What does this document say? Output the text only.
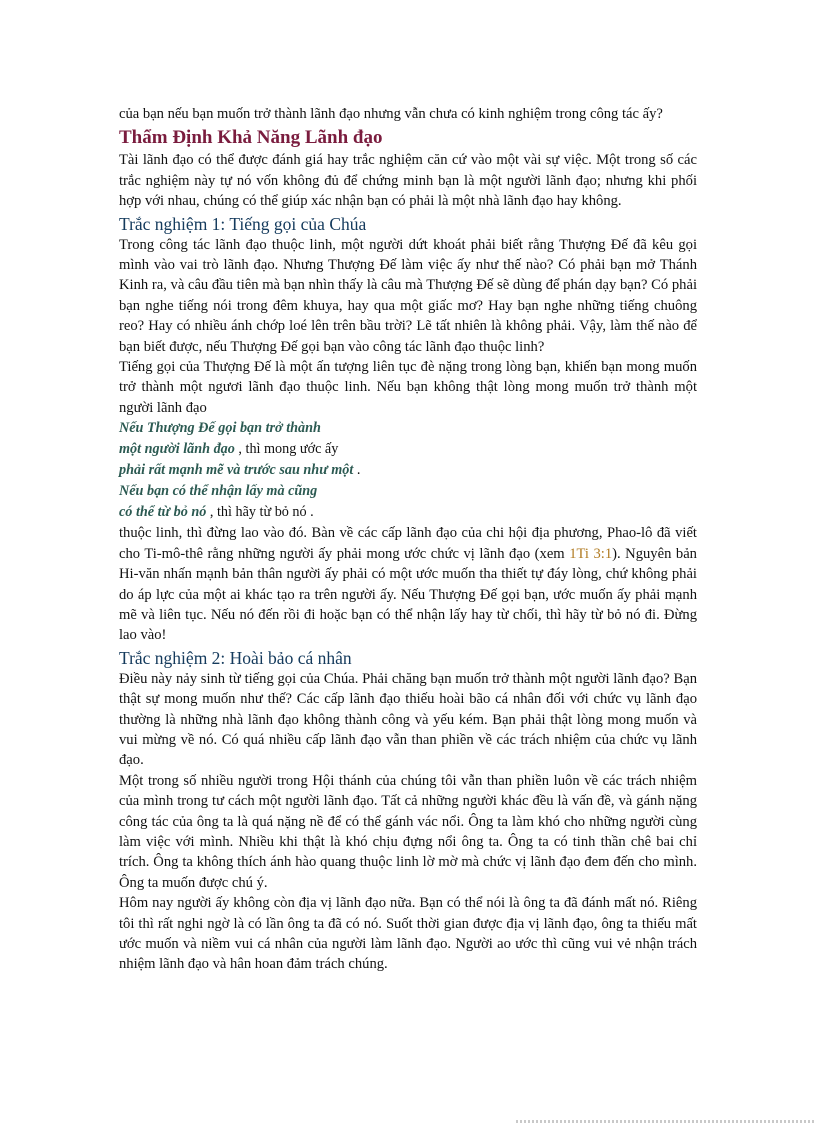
của bạn nếu bạn muốn trở thành lãnh đạo nhưng vẫn chưa có kinh nghiệm trong công tác ấy?

Thẩm Định Khả Năng Lãnh đạo

Tài lãnh đạo có thể được đánh giá hay trắc nghiệm căn cứ vào một vài sự việc. Một trong số các trắc nghiệm này tự nó vốn không đủ để chứng minh bạn là một người lãnh đạo; nhưng khi phối hợp với nhau, chúng có thể giúp xác nhận bạn có phải là một nhà lãnh đạo hay không.

Trắc nghiệm 1: Tiếng gọi của Chúa

Trong công tác lãnh đạo thuộc linh, một người dứt khoát phải biết rằng Thượng Đế đã kêu gọi mình vào vai trò lãnh đạo. Nhưng Thượng Đế làm việc ấy như thế nào? Có phải bạn mở Thánh Kinh ra, và câu đầu tiên mà bạn nhìn thấy là câu mà Thượng Đế sẽ dùng để phán dạy bạn? Có phải bạn nghe tiếng nói trong đêm khuya, hay qua một giấc mơ? Hay bạn nghe những tiếng chuông reo? Hay có nhiều ánh chớp loé lên trên bầu trời? Lẽ tất nhiên là không phải. Vậy, làm thế nào để bạn biết được, nếu Thượng Đế gọi bạn vào công tác lãnh đạo thuộc linh?

Tiếng gọi của Thượng Đế là một ấn tượng liên tục đè nặng trong lòng bạn, khiến bạn mong muốn trở thành một ngươi lãnh đạo thuộc linh. Nếu bạn không thật lòng mong muốn trở thành một người lãnh đạo

Nếu Thượng Đế gọi bạn trở thành
một người lãnh đạo , thì mong ước ấy
phải rất mạnh mẽ và trước sau như một .
Nếu bạn có thể nhận lấy mà cũng
có thể từ bỏ nó , thì hãy từ bỏ nó .

thuộc linh, thì đừng lao vào đó. Bàn về các cấp lãnh đạo của chi hội địa phương, Phao-lô đã viết cho Ti-mô-thê rằng những người ấy phải mong ước chức vị lãnh đạo (xem 1Ti 3:1). Nguyên bản Hi-văn nhấn mạnh bản thân người ấy phải có một ước muốn tha thiết tự đáy lòng, chứ không phải do áp lực của một ai khác tạo ra trên người ấy. Nếu Thượng Đế gọi bạn, ước muốn ấy phải mạnh mẽ và liên tục. Nếu nó đến rồi đi hoặc bạn có thể nhận lấy hay từ chối, thì hãy từ bỏ nó đi. Đừng lao vào!

Trắc nghiệm 2: Hoài bảo cá nhân

Điều này nảy sinh từ tiếng gọi của Chúa. Phải chăng bạn muốn trở thành một người lãnh đạo? Bạn thật sự mong muốn như thế? Các cấp lãnh đạo thiếu hoài bão cá nhân đối với chức vụ lãnh đạo thường là những nhà lãnh đạo không thành công và yếu kém. Bạn phải thật lòng mong muốn và vui mừng về nó. Có quá nhiều cấp lãnh đạo vẫn than phiền về các trách nhiệm của chức vụ lãnh đạo.

Một trong số nhiều người trong Hội thánh của chúng tôi vẫn than phiền luôn về các trách nhiệm của mình trong tư cách một người lãnh đạo. Tất cả những người khác đều là vấn đề, và gánh nặng công tác của ông ta là quá nặng nề để có thể gánh vác nổi. Ông ta làm khó cho những người cùng làm việc với mình. Nhiều khi thật là khó chịu đựng nổi ông ta. Ông ta có tinh thần chê bai chỉ trích. Ông ta không thích ánh hào quang thuộc linh lờ mờ mà chức vị lãnh đạo đem đến cho mình. Ông ta muốn được chú ý.

Hôm nay người ấy không còn địa vị lãnh đạo nữa. Bạn có thể nói là ông ta đã đánh mất nó. Riêng tôi thì rất nghi ngờ là có lần ông ta đã có nó. Suốt thời gian được địa vị lãnh đạo, ông ta thiếu mất ước muốn và niềm vui cá nhân của người làm lãnh đạo. Người ao ước thì cũng vui vẻ nhận trách nhiệm lãnh đạo và hân hoan đảm trách chúng.
